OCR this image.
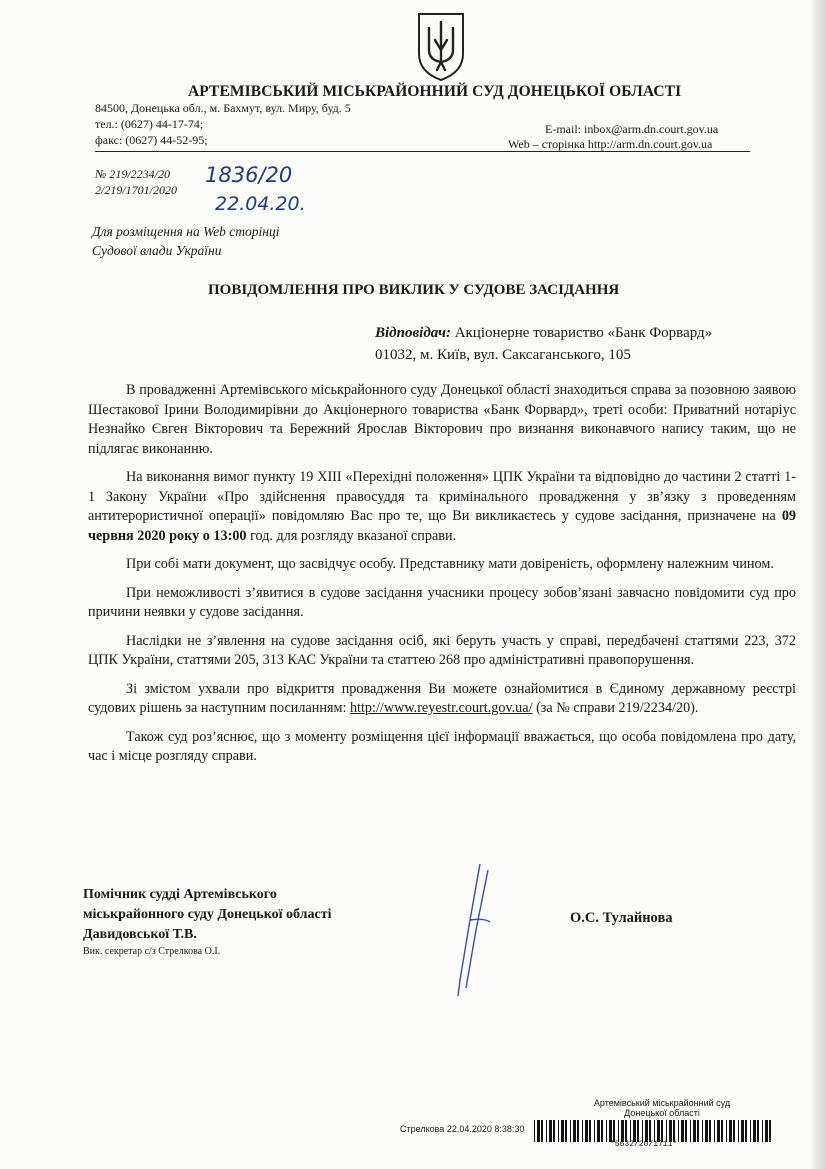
АРТЕМІВСЬКИЙ МІСЬКРАЙОННИЙ СУД ДОНЕЦЬКОЇ ОБЛАСТІ
84500, Донецька обл., м. Бахмут, вул. Миру, буд. 5
тел.: (0627) 44-17-74;
факс: (0627) 44-52-95;
E-mail: inbox@arm.dn.court.gov.ua
Web – сторінка http://arm.dn.court.gov.ua
№ 219/2234/20
2/219/1701/2020
1836/20
22.04.20.
Для розміщення на Web сторінці
Судової влади України
ПОВІДОМЛЕННЯ ПРО ВИКЛИК У СУДОВЕ ЗАСІДАННЯ
Відповідач: Акціонерне товариство «Банк Форвард»
01032, м. Київ, вул. Саксаганського, 105

В провадженні Артемівського міськрайонного суду Донецької області знаходиться справа за позовною заявою Шестакової Ірини Володимирівни до Акціонерного товариства «Банк Форвард», треті особи: Приватний нотаріус Незнайко Євген Вікторович та Бережний Ярослав Вікторович про визнання виконавчого напису таким, що не підлягає виконанню.

На виконання вимог пункту 19 XIII «Перехідні положення» ЦПК України та відповідно до частини 2 статті 1-1 Закону України «Про здійснення правосуддя та кримінального провадження у зв’язку з проведенням антитерористичної операції» повідомляю Вас про те, що Ви викликаєтесь у судове засідання, призначене на 09 червня 2020 року о 13:00 год. для розгляду вказаної справи.

При собі мати документ, що засвідчує особу. Представнику мати довіреність, оформлену належним чином.

При неможливості з’явитися в судове засідання учасники процесу зобов’язані завчасно повідомити суд про причини неявки у судове засідання.

Наслідки не з’явлення на судове засідання осіб, які беруть участь у справі, передбачені статтями 223, 372 ЦПК України, статтями 205, 313 КАС України та статтею 268 про адміністративні правопорушення.

Зі змістом ухвали про відкриття провадження Ви можете ознайомитися в Єдиному державному реєстрі судових рішень за наступним посиланням: http://www.reyestr.court.gov.ua/ (за № справи 219/2234/20).

Також суд роз’яснює, що з моменту розміщення цієї інформації вважається, що особа повідомлена про дату, час і місце розгляду справи.

Помічник судді Артемівського
міськрайонного суду Донецької області
Давидовської Т.В.
Вик. секретар с/з Стрелкова О.І.
О.С. Тулайнова
Артемівський міськрайонний суд
Донецької області
Стрелкова 22.04.2020 8:38:30
*5632/20/1711*
